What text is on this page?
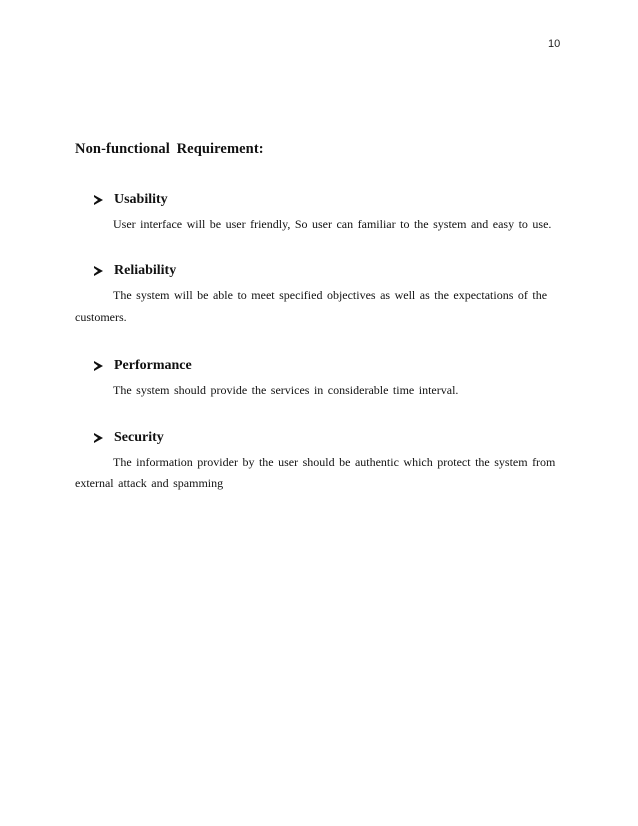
10
Non-functional Requirement:
Usability
User interface will be user friendly, So user can familiar to the system and easy to use.
Reliability
The system will be able to meet specified objectives as well as the expectations of the
customers.
Performance
The system should provide the services in considerable time interval.
Security
The information provider by the user should be authentic which protect the system from
external attack and spamming
